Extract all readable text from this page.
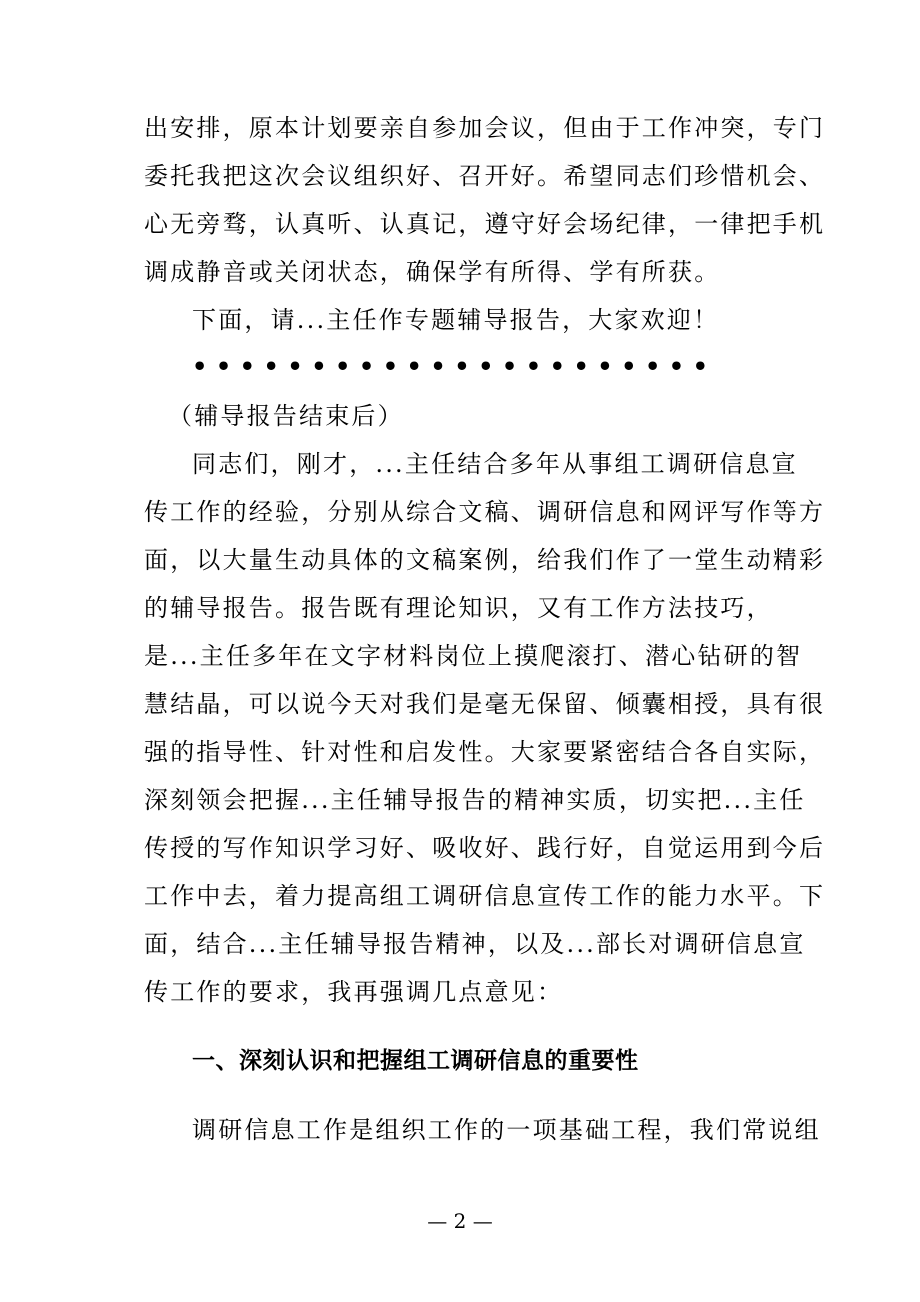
出安排，原本计划要亲自参加会议，但由于工作冲突，专门
委托我把这次会议组织好、召开好。希望同志们珍惜机会、
心无旁骛，认真听、认真记，遵守好会场纪律，一律把手机
调成静音或关闭状态，确保学有所得、学有所获。
下面，请...主任作专题辅导报告，大家欢迎！
••••••••••••••••••••••
（辅导报告结束后）
同志们，刚才，...主任结合多年从事组工调研信息宣
传工作的经验，分别从综合文稿、调研信息和网评写作等方
面，以大量生动具体的文稿案例，给我们作了一堂生动精彩
的辅导报告。报告既有理论知识，又有工作方法技巧，
是...主任多年在文字材料岗位上摸爬滚打、潜心钻研的智
慧结晶，可以说今天对我们是毫无保留、倾囊相授，具有很
强的指导性、针对性和启发性。大家要紧密结合各自实际，
深刻领会把握...主任辅导报告的精神实质，切实把...主任
传授的写作知识学习好、吸收好、践行好，自觉运用到今后
工作中去，着力提高组工调研信息宣传工作的能力水平。下
面，结合...主任辅导报告精神，以及...部长对调研信息宣
传工作的要求，我再强调几点意见：
一、深刻认识和把握组工调研信息的重要性
调研信息工作是组织工作的一项基础工程，我们常说组
— 2 —
